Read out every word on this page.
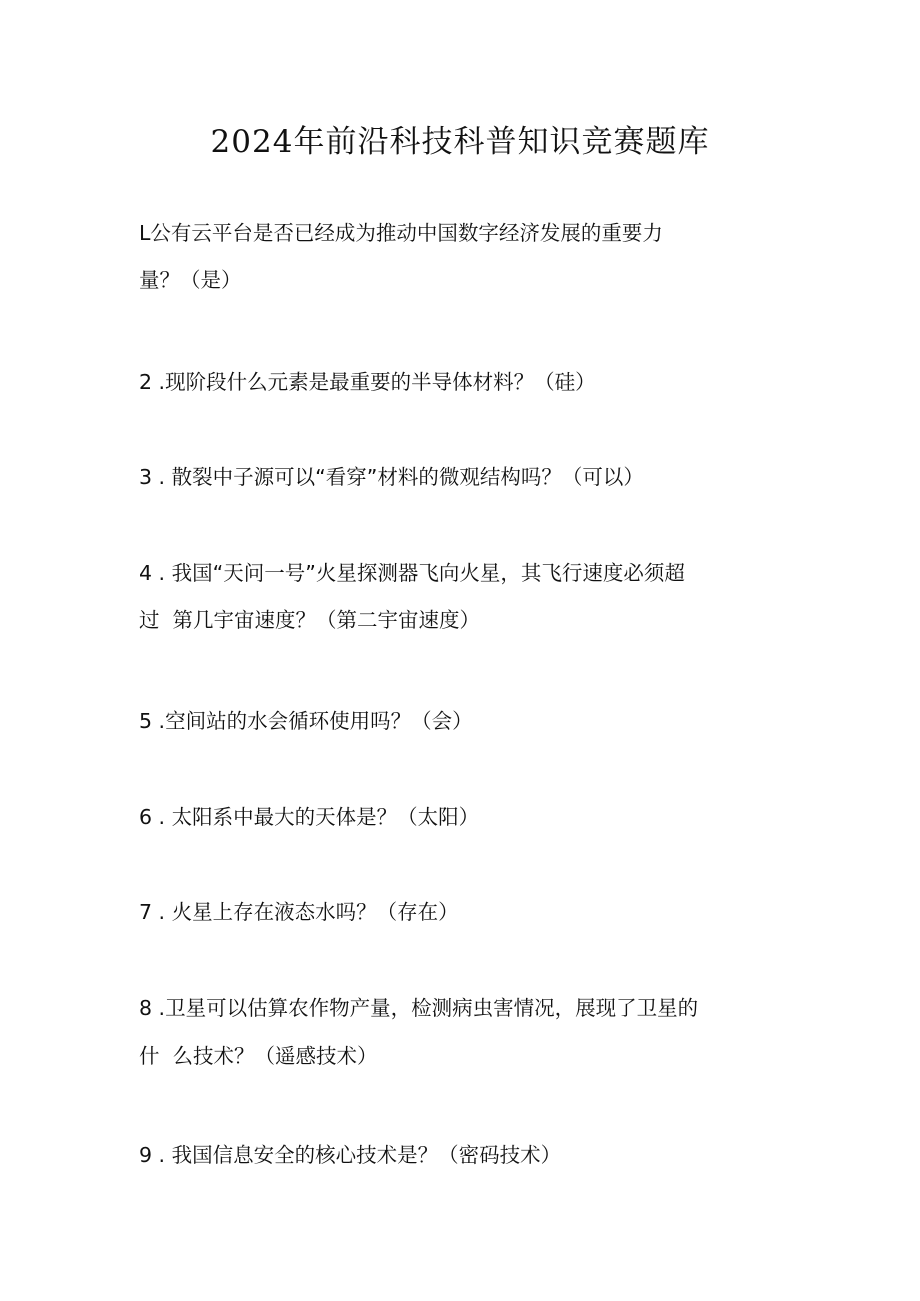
2024年前沿科技科普知识竞赛题库

L公有云平台是否已经成为推动中国数字经济发展的重要力

量？（是）

2 .现阶段什么元素是最重要的半导体材料？（硅）

3 . 散裂中子源可以“看穿”材料的微观结构吗？（可以）

4 . 我国“天问一号”火星探测器飞向火星，其飞行速度必须超

过  第几宇宙速度？（第二宇宙速度）

5 .空间站的水会循环使用吗？（会）

6 . 太阳系中最大的天体是？（太阳）

7 . 火星上存在液态水吗？（存在）

8 .卫星可以估算农作物产量，检测病虫害情况，展现了卫星的

什  么技术？（遥感技术）

9 . 我国信息安全的核心技术是？（密码技术）
